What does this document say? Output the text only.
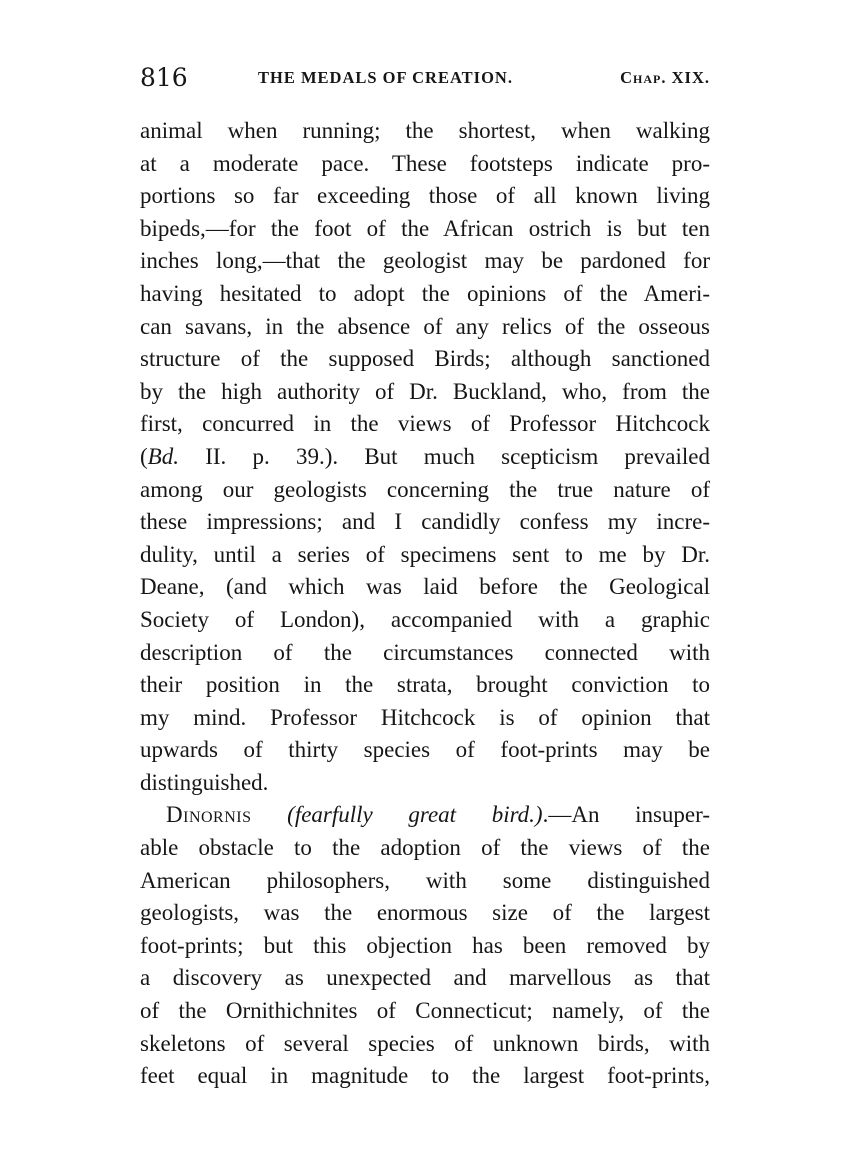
816	THE MEDALS OF CREATION.	Chap. XIX.
animal when running; the shortest, when walking
at a moderate pace. These footsteps indicate pro-
portions so far exceeding those of all known living
bipeds,—for the foot of the African ostrich is but ten
inches long,—that the geologist may be pardoned for
having hesitated to adopt the opinions of the Ameri-
can savans, in the absence of any relics of the osseous
structure of the supposed Birds; although sanctioned
by the high authority of Dr. Buckland, who, from the
first, concurred in the views of Professor Hitchcock
(Bd. II. p. 39.). But much scepticism prevailed
among our geologists concerning the true nature of
these impressions; and I candidly confess my incre-
dulity, until a series of specimens sent to me by Dr.
Deane, (and which was laid before the Geological
Society of London), accompanied with a graphic
description of the circumstances connected with
their position in the strata, brought conviction to
my mind. Professor Hitchcock is of opinion that
upwards of thirty species of foot-prints may be
distinguished.
Dinornis (fearfully great bird.).—An insuper-
able obstacle to the adoption of the views of the
American philosophers, with some distinguished
geologists, was the enormous size of the largest
foot-prints; but this objection has been removed by
a discovery as unexpected and marvellous as that
of the Ornithichnites of Connecticut; namely, of the
skeletons of several species of unknown birds, with
feet equal in magnitude to the largest foot-prints,
